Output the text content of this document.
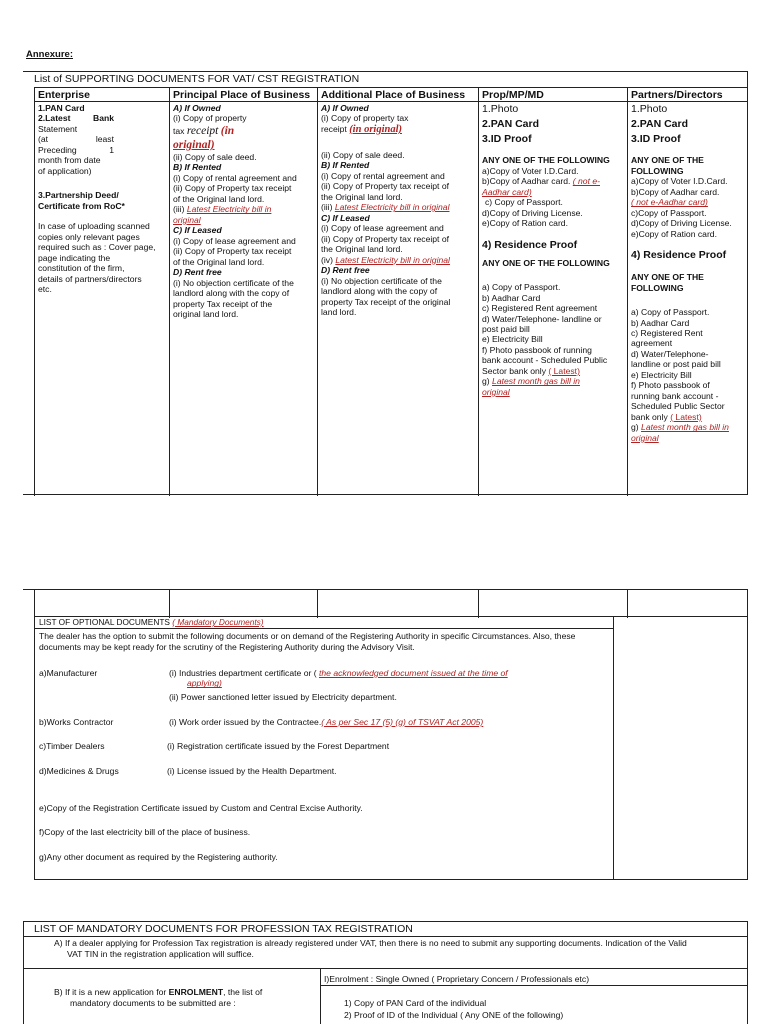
Annexure:
List of SUPPORTING DOCUMENTS FOR VAT/ CST REGISTRATION
Enterprise
1.PAN Card
2.Latest	Bank
Statement
(at	least
Preceding	1
month from date
of application)
3.Partnership Deed/
Certificate from RoC*
In case of uploading scanned
copies only relevant pages
required such as : Cover page,
page indicating the
constitution of the firm,
details of partners/directors
etc.
Principal Place of Business
A) If Owned
(i) Copy of property
tax receipt (in
original)
(ii) Copy of sale deed.
B) If Rented
(i) Copy of rental agreement and
(ii) Copy of Property tax receipt
of the Original land lord.
(iii) Latest Electricity bill in
original
C) If Leased
(i) Copy of lease agreement and
(ii) Copy of Property tax receipt
of the Original land lord.
D) Rent free
(i) No objection certificate of the
landlord along with the copy of
property Tax receipt of the
original land lord.
Additional Place of Business
A) If Owned
(i) Copy of property tax
receipt (in original)
(ii) Copy of sale deed.
B) If Rented
(i) Copy of rental agreement and
(ii) Copy of Property tax receipt of
the Original land lord.
(iii) Latest Electricity bill in original
C) If Leased
(i) Copy of lease agreement and
(ii) Copy of Property tax receipt of
the Original land lord.
(iv) Latest Electricity bill in original
D) Rent free
(i) No objection certificate of the
landlord along with the copy of
property Tax receipt of the original
land lord.
Prop/MP/MD
1.Photo
2.PAN Card
3.ID Proof
ANY ONE OF THE FOLLOWING
a)Copy of Voter I.D.Card.
b)Copy of Aadhar card. ( not e-
Aadhar card)
c) Copy of Passport.
d)Copy of Driving License.
e)Copy of Ration card.
4) Residence Proof
ANY ONE OF THE FOLLOWING
a) Copy of Passport.
b) Aadhar Card
c) Registered Rent agreement
d) Water/Telephone- landline or
post paid bill
e) Electricity Bill
f) Photo passbook of running
bank account - Scheduled Public
Sector bank only ( Latest)
g) Latest month gas bill in
original
Partners/Directors
1.Photo
2.PAN Card
3.ID Proof
ANY ONE OF THE
FOLLOWING
a)Copy of Voter I.D.Card.
b)Copy of Aadhar card.
( not e-Aadhar card)
c)Copy of Passport.
d)Copy of Driving License.
e)Copy of Ration card.
4) Residence Proof
ANY ONE OF THE
FOLLOWING
a) Copy of Passport.
b) Aadhar Card
c) Registered Rent
agreement
d) Water/Telephone-
landline or post paid bill
e) Electricity Bill
f) Photo passbook of
running bank account -
Scheduled Public Sector
bank only ( Latest)
g) Latest month gas bill in
original
LIST OF OPTIONAL DOCUMENTS ( Mandatory Documents)
The dealer has the option to submit the following documents or on demand of the Registering Authority in specific Circumstances. Also, these documents may be kept ready for the scrutiny of the Registering Authority during the Advisory Visit.
a)Manufacturer	(i) Industries department certificate or ( the acknowledged document issued at the time of
applying)
(ii) Power sanctioned letter issued by Electricity department.
b)Works Contractor	(i) Work order issued by the Contractee.( As per Sec 17 (5) (g) of TSVAT Act 2005)
c)Timber Dealers	(i) Registration certificate issued by the Forest Department
d)Medicines & Drugs	(i) License issued by the Health Department.
e)Copy of the Registration Certificate issued by Custom and Central Excise Authority.
f)Copy of the last electricity bill of the place of business.
g)Any other document as required by the Registering authority.
LIST OF MANDATORY DOCUMENTS FOR PROFESSION TAX REGISTRATION
A) If a dealer applying for Profession Tax registration is already registered under VAT, then there is no need to submit any supporting documents. Indication of the Valid
VAT TIN in the registration application will suffice.
B) If it is a new application for ENROLMENT, the list of
mandatory documents to be submitted are :
I)Enrolment : Single Owned ( Proprietary Concern / Professionals etc)
1) Copy of PAN Card of the individual
2) Proof of ID of the Individual ( Any ONE of the following)
